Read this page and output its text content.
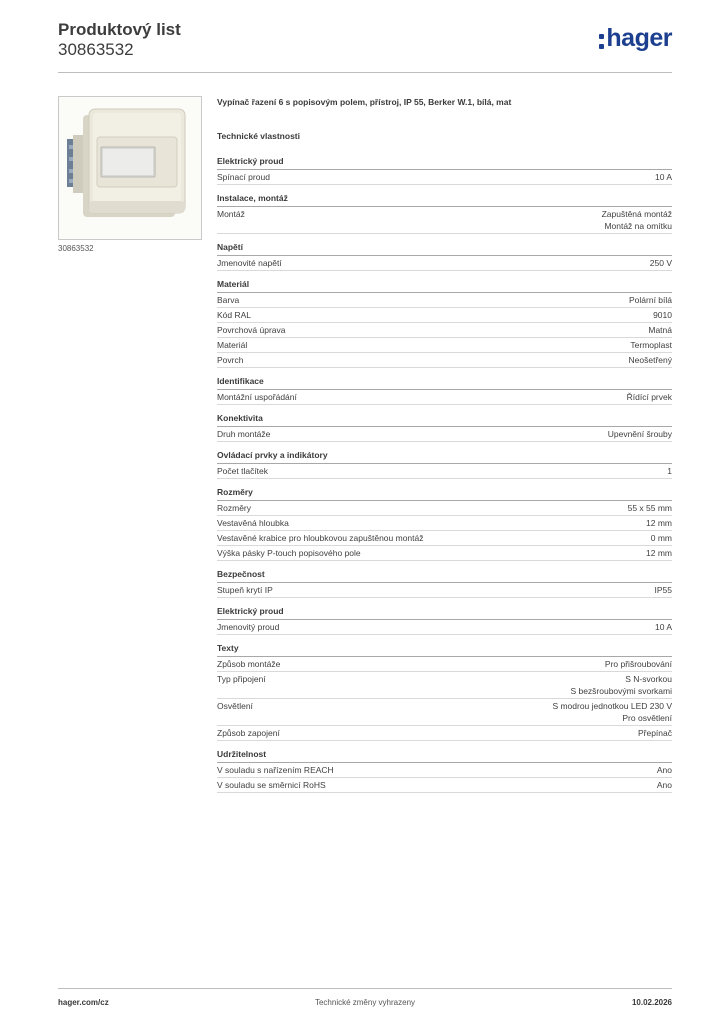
Produktový list
30863532	hager
30863532
Vypínač řazení 6 s popisovým polem, přístroj, IP 55, Berker W.1, bílá, mat
Technické vlastnosti
Elektrický proud
Spínací proud	10 A
Instalace, montáž
Montáž	Zapuštěná montáž
Montáž na omítku
Napětí
Jmenovité napětí	250 V
Materiál
Barva	Polární bílá
Kód RAL	9010
Povrchová úprava	Matná
Materiál	Termoplast
Povrch	Neošetřený
Identifikace
Montážní uspořádání	Řídící prvek
Konektivita
Druh montáže	Upevnění šrouby
Ovládací prvky a indikátory
Počet tlačítek	1
Rozměry
Rozměry	55 x 55 mm
Vestavěná hloubka	12 mm
Vestavěné krabice pro hloubkovou zapuštěnou montáž	0 mm
Výška pásky P-touch popisového pole	12 mm
Bezpečnost
Stupeň krytí IP	IP55
Elektrický proud
Jmenovitý proud	10 A
Texty
Způsob montáže	Pro přišroubování
Typ připojení	S N-svorkou
S bezšroubovými svorkami
Osvětlení	S modrou jednotkou LED 230 V
Pro osvětlení
Způsob zapojení	Přepínač
Udržitelnost
V souladu s nařízením REACH	Ano
V souladu se směrnicí RoHS	Ano
hager.com/cz	Technické změny vyhrazeny	10.02.2026
